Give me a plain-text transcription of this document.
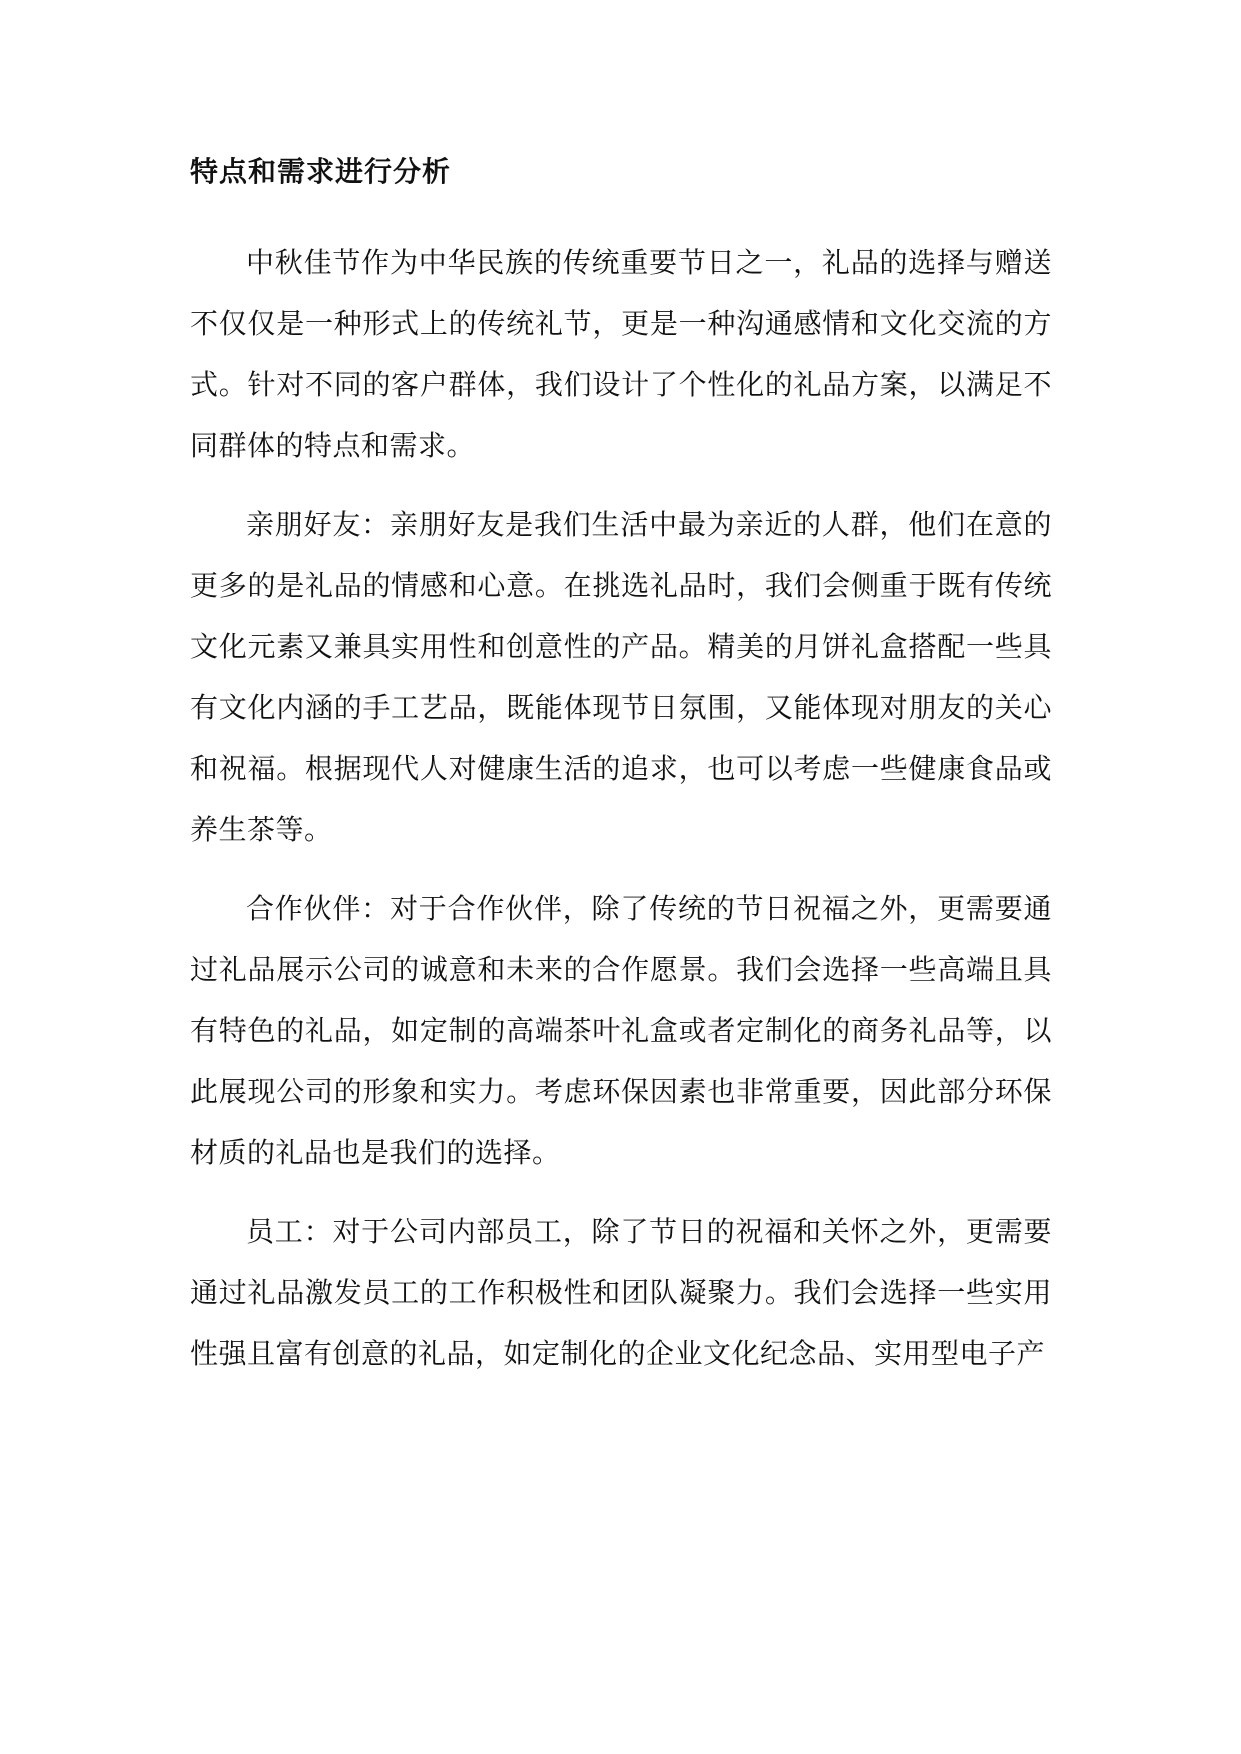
特点和需求进行分析

中秋佳节作为中华民族的传统重要节日之一，礼品的选择与赠送不仅仅是一种形式上的传统礼节，更是一种沟通感情和文化交流的方式。针对不同的客户群体，我们设计了个性化的礼品方案，以满足不同群体的特点和需求。

亲朋好友：亲朋好友是我们生活中最为亲近的人群，他们在意的更多的是礼品的情感和心意。在挑选礼品时，我们会侧重于既有传统文化元素又兼具实用性和创意性的产品。精美的月饼礼盒搭配一些具有文化内涵的手工艺品，既能体现节日氛围，又能体现对朋友的关心和祝福。根据现代人对健康生活的追求，也可以考虑一些健康食品或养生茶等。

合作伙伴：对于合作伙伴，除了传统的节日祝福之外，更需要通过礼品展示公司的诚意和未来的合作愿景。我们会选择一些高端且具有特色的礼品，如定制的高端茶叶礼盒或者定制化的商务礼品等，以此展现公司的形象和实力。考虑环保因素也非常重要，因此部分环保材质的礼品也是我们的选择。

员工：对于公司内部员工，除了节日的祝福和关怀之外，更需要通过礼品激发员工的工作积极性和团队凝聚力。我们会选择一些实用性强且富有创意的礼品，如定制化的企业文化纪念品、实用型电子产
